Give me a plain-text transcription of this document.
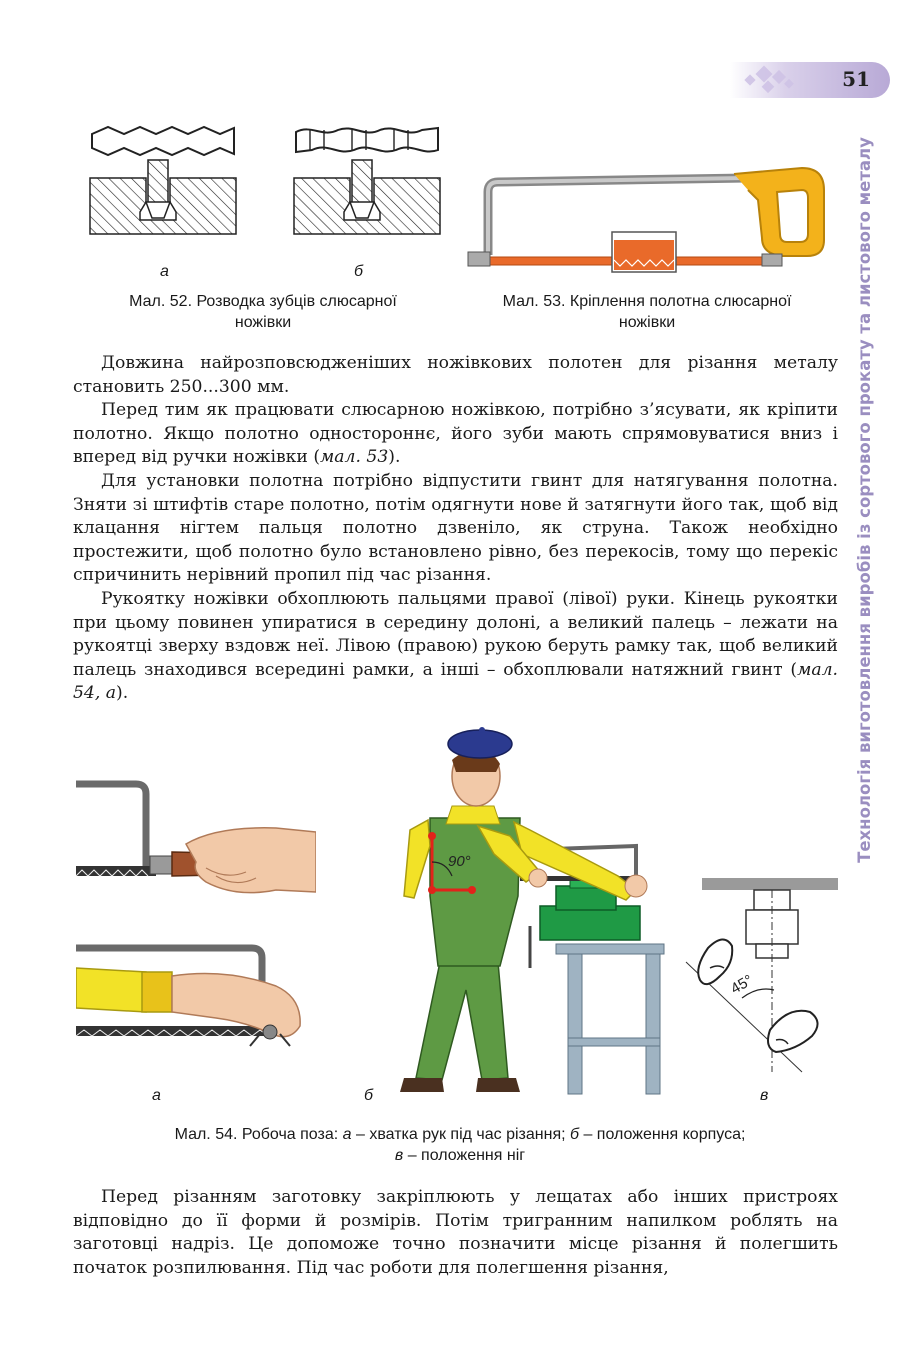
51
Технологія виготовлення виробів із сортового прокату та листового металу
а	б
Мал. 52. Розводка зубців слюсарної
ножівки
Мал. 53. Кріплення полотна слюсарної
ножівки

Довжина найрозповсюдженіших ножівкових полотен для різання металу становить 250...300 мм.

Перед тим як працювати слюсарною ножівкою, потрібно з’ясувати, як кріпити полотно. Якщо полотно одностороннє, його зуби мають спрямовуватися вниз і вперед від ручки ножівки (мал. 53).

Для установки полотна потрібно відпустити гвинт для натягування полотна. Зняти зі штифтів старе полотно, потім одягнути нове й затягнути його так, щоб від клацання нігтем пальця полотно дзвеніло, як струна. Також необхідно простежити, щоб полотно було встановлено рівно, без перекосів, тому що перекіс спричинить нерівний пропил під час різання.

Рукоятку ножівки обхоплюють пальцями правої (лівої) руки. Кінець рукоятки при цьому повинен упиратися в середину долоні, а великий палець – лежати на рукоятці зверху вздовж неї. Лівою (правою) рукою беруть рамку так, щоб великий палець знаходився всередині рамки, а інші – обхоплювали натяжний гвинт (мал. 54, а).

а
90°
б
45°
в
Мал. 54. Робоча поза: а – хватка рук під час різання; б – положення корпуса;
в – положення ніг

Перед різанням заготовку закріплюють у лещатах або інших пристроях відповідно до її форми й розмірів. Потім тригранним напилком роблять на заготовці надріз. Це допоможе точно позначити місце різання й полегшить початок розпилювання. Під час роботи для полегшення різання,
